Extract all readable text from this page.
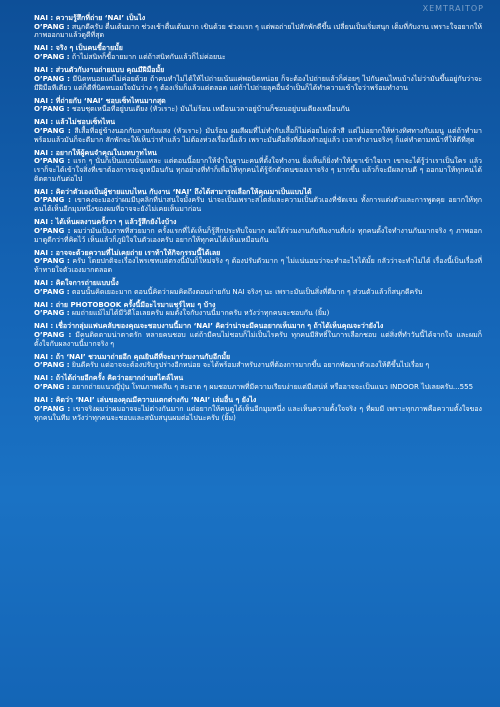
XEMTRAITOP
NAI : ความรู้สึกที่ถ่าย ‘NAI’ เป็นไง
O’PANG : สนุกดีครับ ตื่นเต้นมาก ช่วงเช้าตื่นเต้นมาก เขินด้วย ช่วงแรก ๆ แต่พอถ่ายไปสักพักดีขึ้น เปลี่ยนเป็นเริ่มสนุก เต็มที่กับงาน เพราะใจอยากให้ภาพออกมาแล้วดูดีที่สุด
NAI : จริง ๆ เป็นคนขี้อายมั้ย
O’PANG : ถ้าไม่สนิทก็ขี้อายมาก แต่ถ้าสนิทกันแล้วก็ไม่ค่อยนะ
NAI : ส่วนตัวกับงานถ่ายแบบ คุณมีฝีมือมั้ย
O’PANG : มีนิดหนอยแต่ไม่ค่อยด้วย ถ้าคนทำไม่ได้ให้ไปถ่ายเน้นแค่พอนิดหน่อย ก็จะต้องไปถ่ายแล้วก็ค่อยๆ ไปกันคนไหนบ้างไม่ว่ามันขึ้นอยู่กับว่าจะมีฝีมือทีเดียว แต่ก็ดีที่นิดหนอยใจมันว่าง ๆ ต้องเริ่มก็แล้วแต่ตลอด แต่ถ้าไปถ่ายลุคอื่นจำเป็นก็ได้ทำความเข้าใจว่าพร้อมทำงาน
NAI : ที่ถ่ายกับ ‘NAI’ ชอบเซ็ทไหนมากสุด
O’PANG : ชอบชุดเหนือที่อยู่บนเตียง (หัวเราะ) มันไม่ร้อน เหมือนเวลาอยู่บ้านก็ชอบอยู่บนเตียงเหมือนกัน
NAI : แล้วไม่ชอบเซ็ทไหน
O’PANG : สีเสื้อที่อยู่ข้างนอกกับลายกับแสง (หัวเราะ) มันร้อน ผมสีผมที่ไม่ทำกับเสื้อก็ไม่ค่อยไม่กล้าสี แต่ไม่อยากให้ห่างทิศทางกับเมนู แต่ถ้าทำมาพร้อมแล้วมันก็จะดีมาก สักพักจะให้เห็นว่าทำแล้ว ไม่ต้องห่วงเรื่องนี้แล้ว เพราะมันคือสิ่งที่ต้องทำอยู่แล้ว เวลาทำงานจริงๆ ก็แค่ทำตามหน้าที่ให้ดีที่สุด
NAI : อยากให้ผู้คนจำคุณในบทบาทไหน
O’PANG : แรก ๆ นั่นก็เป็นแบบนั้นแหละ แต่ตอนนี้อยากให้จำในฐานะคนที่ตั้งใจทำงาน ยิ่งเห็นก็ยิ่งทำให้เขาเข้าใจเรา เขาจะได้รู้ว่าเราเป็นใคร แล้วเราก็จะได้เข้าใจสิ่งที่เขาต้องการจะดูเหมือนกัน ทุกอย่างที่ทำก็เพื่อให้ทุกคนได้รู้จักตัวตนของเราจริง ๆ มากขึ้น แล้วก็จะมีผลงานดี ๆ ออกมาให้ทุกคนได้ติดตามกันต่อไป
NAI : คิดว่าตัวเองเป็นผู้ชายแบบไหน กับงาน ‘NAI’ ถึงได้สามารถเลือกให้คุณมาเป็นแบบได้
O’PANG : เขาคงจะมองว่าผมมีบุคลิกที่น่าสนใจมั้งครับ น่าจะเป็นเพราะสไตล์และความเป็นตัวเองที่ชัดเจน ทั้งการแต่งตัวและการพูดคุย อยากให้ทุกคนได้เห็นอีกมุมหนึ่งของผมที่อาจจะยังไม่เคยเห็นมาก่อน
NAI : ได้เห็นผลงานครั้งวา ๆ แล้วรู้สึกยังไงบ้าง
O’PANG : ผมว่ามันเป็นภาพที่สวยมาก ครั้งแรกที่ได้เห็นก็รู้สึกประทับใจมาก ผมได้ร่วมงานกับทีมงานที่เก่ง ทุกคนตั้งใจทำงานกันมากจริง ๆ ภาพออกมาดูดีกว่าที่คิดไว้ เห็นแล้วก็ภูมิใจในตัวเองครับ อยากให้ทุกคนได้เห็นเหมือนกัน
NAI : อาจจะด้วยความที่ไม่เคยถ่าย เราท้าให้กิจกรรมนี้ได้เลย
O’PANG : ครับ โดยปกติจะเรื่องไพรเซทแต่ตรงนี้มันก็ใหม่จริง ๆ ต้องปรับตัวมาก ๆ ไม่แน่นอนว่าจะทำอะไรได้มั้ย กลัวว่าจะทำไม่ได้ เรื่องนี้เป็นเรื่องที่ท้าทายใจตัวเองมากตลอด
NAI : คิดใจการถ่ายแบบนั้ง
O’PANG : ตอนนั้นคิดเยอะมาก ตอนนี้คิดว่าผมคิดถึงตอนถ่ายกับ NAI จริงๆ นะ เพราะมันเป็นสิ่งที่ดีมาก ๆ ส่วนตัวแล้วก็สนุกดีครับ
NAI : ถ่าย PHOTOBOOK ครั้งนี้มีอะไรมาแชร์ไหม ๆ บ้าง
O’PANG : ผมถ่ายแม้ไม่ได้มีวิดีโอเลยครับ ผมตั้งใจกับงานนี้มากครับ หวังว่าทุกคนจะชอบกัน (ยิ้ม)
NAI : เชื่อว่ากลุ่มแฟนคลับของคุณจะชอบงานนี้มาก ‘NAI’ คิดว่าน่าจะมีคนอยากเห็นมาก ๆ ถ้าได้เห็นคุณจะว่ายังไง
O’PANG : มีคนติดตามน่าตาตรัก หลายคนชอบ แต่ถ้ามีคนไม่ชอบก็ไม่เป็นไรครับ ทุกคนมีสิทธิ์ในการเลือกชอบ แต่สิ่งที่ทำวันนี้ได้จากใจ และผมก็ตั้งใจกับผลงานนี้มากจริง ๆ
NAI : ถ้า ‘NAI’ ชวนมาถ่ายอีก คุณยินดีที่จะมาร่วมงานกับอีกมั้ย
O’PANG : ยินดีครับ แต่อาจจะต้องปรับรูปร่างอีกหน่อย จะได้พร้อมสำหรับงานที่ต้องการมากขึ้น อยากพัฒนาตัวเองให้ดีขึ้นไปเรื่อย ๆ
NAI : ถ้าได้ถ่ายอีกครั้ง คิดว่าอยากถ่ายสไตล์ไหน
O’PANG : อยากถ่ายแนวญี่ปุ่น โทนภาพคลีน ๆ สะอาด ๆ ผมชอบภาพที่มีความเรียบง่ายแต่มีเสน่ห์ หรืออาจจะเป็นแนว INDOOR ไปเลยครับ...555
NAI : คิดว่า ‘NAI’ เล่นของคุณมีความแตกต่างกับ ‘NAI’ เล่มอื่น ๆ ยังไง
O’PANG : เขาจริงผมว่าผมอาจจะไม่ต่างกันมาก แต่อยากให้คนดูได้เห็นอีกมุมหนึ่ง และเห็นความตั้งใจจริง ๆ ที่ผมมี เพราะทุกภาพคือความตั้งใจของทุกคนในทีม หวังว่าทุกคนจะชอบและสนับสนุนผมต่อไปนะครับ (ยิ้ม)
